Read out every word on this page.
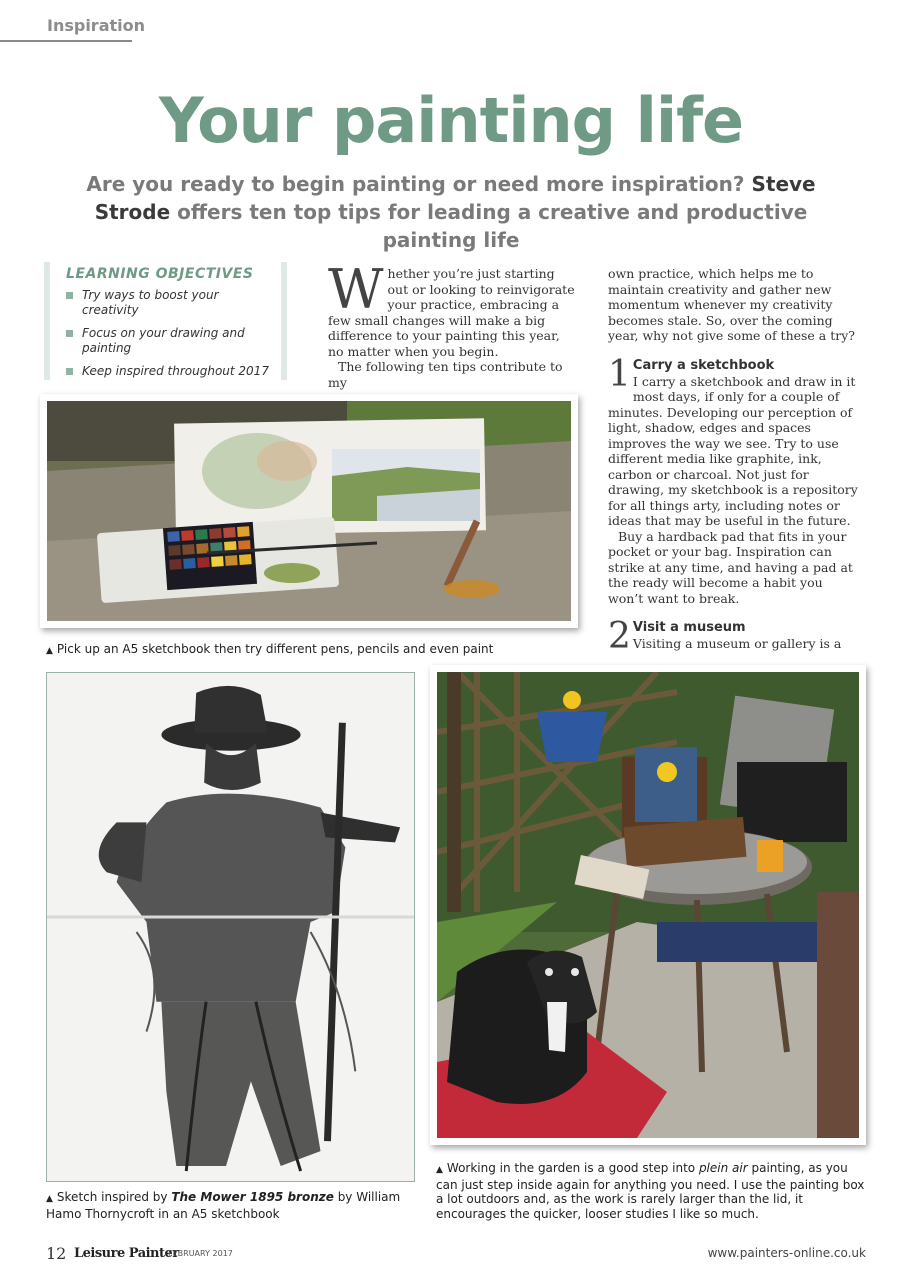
Inspiration
Your painting life

Are you ready to begin painting or need more inspiration? Steve Strode offers ten top tips for leading a creative and productive painting life

LEARNING OBJECTIVES
Try ways to boost your creativity
Focus on your drawing and painting
Keep inspired throughout 2017

Whether you’re just starting out or looking to reinvigorate your practice, embracing a few small changes will make a big difference to your painting this year, no matter when you begin.

The following ten tips contribute to my

own practice, which helps me to maintain creativity and gather new momentum whenever my creativity becomes stale. So, over the coming year, why not give some of these a try?

1 Carry a sketchbook

I carry a sketchbook and draw in it most days, if only for a couple of minutes. Developing our perception of light, shadow, edges and spaces improves the way we see. Try to use different media like graphite, ink, carbon or charcoal. Not just for drawing, my sketchbook is a repository for all things arty, including notes or ideas that may be useful in the future.

Buy a hardback pad that fits in your pocket or your bag. Inspiration can strike at any time, and having a pad at the ready will become a habit you won’t want to break.

2 Visit a museum

Visiting a museum or gallery is a

▲ Pick up an A5 sketchbook then try different pens, pencils and even paint
▲ Sketch inspired by The Mower 1895 bronze by William Hamo Thornycroft in an A5 sketchbook
▲ Working in the garden is a good step into plein air painting, as you can just step inside again for anything you need. I use the painting box a lot outdoors and, as the work is rarely larger than the lid, it encourages the quicker, looser studies I like so much.
12 Leisure Painter
FEBRUARY 2017	www.painters-online.co.uk
